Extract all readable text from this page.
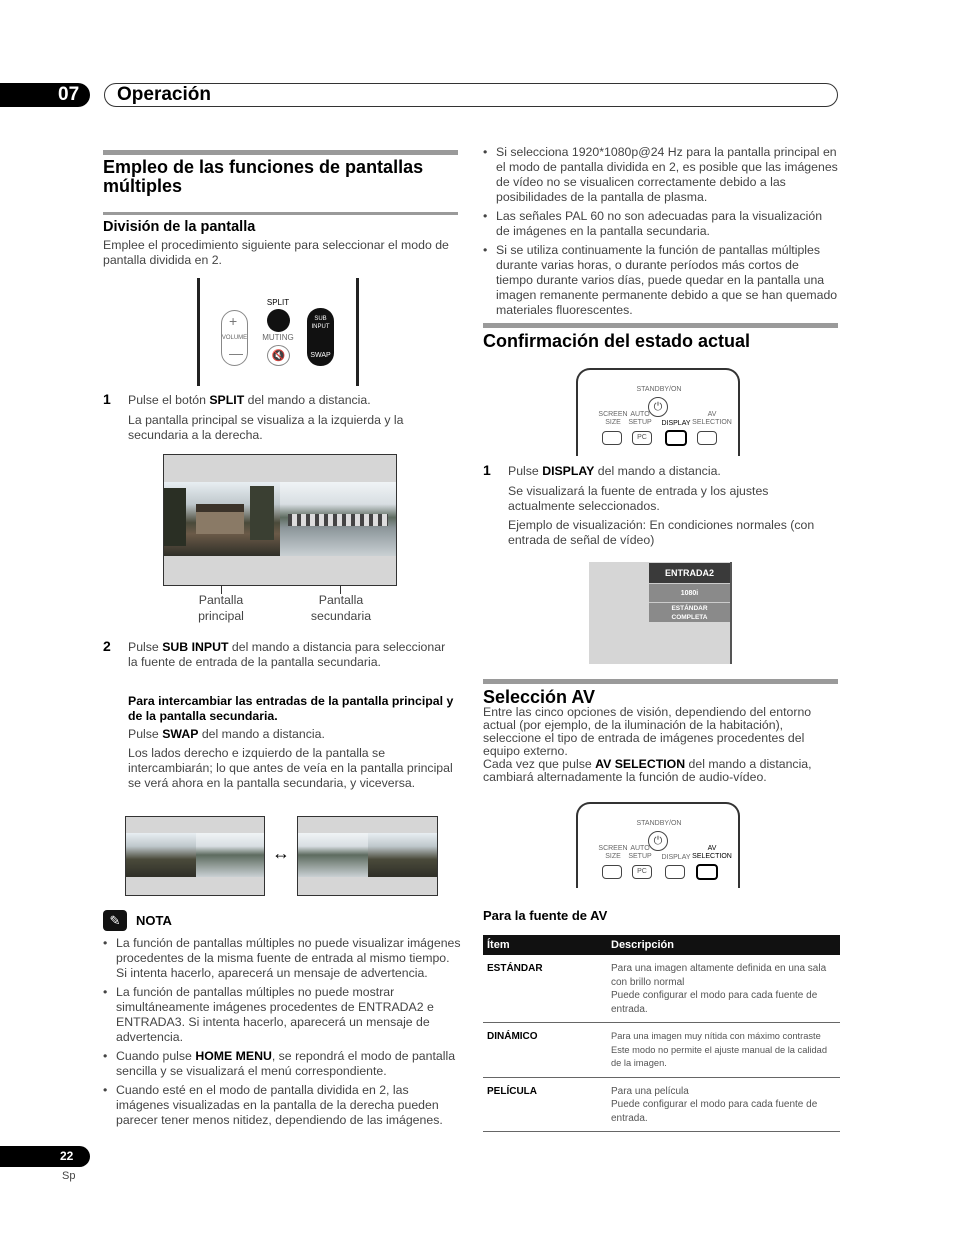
07	Operación
Empleo de las funciones de pantallas múltiples
División de la pantalla
Emplee el procedimiento siguiente para seleccionar el modo de pantalla dividida en 2.
+
—
VOLUME
SPLIT
MUTING
🔇
SUB INPUT
SWAP
1 Pulse el botón SPLIT del mando a distancia.
La pantalla principal se visualiza a la izquierda y la secundaria a la derecha.
Pantalla principal
Pantalla secundaria
2 Pulse SUB INPUT del mando a distancia para seleccionar la fuente de entrada de la pantalla secundaria.
Para intercambiar las entradas de la pantalla principal y de la pantalla secundaria.
Pulse SWAP del mando a distancia.
Los lados derecho e izquierdo de la pantalla se intercambiarán; lo que antes de veía en la pantalla principal se verá ahora en la pantalla secundaria, y viceversa.
↔
✎	NOTA
• La función de pantallas múltiples no puede visualizar imágenes procedentes de la misma fuente de entrada al mismo tiempo. Si intenta hacerlo, aparecerá un mensaje de advertencia.
• La función de pantallas múltiples no puede mostrar simultáneamente imágenes procedentes de ENTRADA2 e ENTRADA3. Si intenta hacerlo, aparecerá un mensaje de advertencia.
• Cuando pulse HOME MENU, se repondrá el modo de pantalla sencilla y se visualizará el menú correspondiente.
• Cuando esté en el modo de pantalla dividida en 2, las imágenes visualizadas en la pantalla de la derecha pueden parecer tener menos nitidez, dependiendo de las imágenes.
• Si selecciona 1920*1080p@24 Hz para la pantalla principal en el modo de pantalla dividida en 2, es posible que las imágenes de vídeo no se visualicen correctamente debido a las posibilidades de la pantalla de plasma.
• Las señales PAL 60 no son adecuadas para la visualización de imágenes en la pantalla secundaria.
• Si se utiliza continuamente la función de pantallas múltiples durante varias horas, o durante períodos más cortos de tiempo durante varios días, puede quedar en la pantalla una imagen remanente permanente debido a que se han quemado materiales fluorescentes.
Confirmación del estado actual
STANDBY/ON
⏻
SCREEN SIZE
AUTO SETUP	DISPLAY
AV SELECTION
PC
1 Pulse DISPLAY del mando a distancia.
Se visualizará la fuente de entrada y los ajustes actualmente seleccionados.
Ejemplo de visualización: En condiciones normales (con entrada de señal de vídeo)
ENTRADA2
1080i
ESTÁNDAR COMPLETA
Selección AV
Entre las cinco opciones de visión, dependiendo del entorno actual (por ejemplo, de la iluminación de la habitación), seleccione el tipo de entrada de imágenes procedentes del equipo externo.
Cada vez que pulse AV SELECTION del mando a distancia, cambiará alternadamente la función de audio-vídeo.
STANDBY/ON
⏻
SCREEN SIZE
AUTO SETUP	DISPLAY
AV SELECTION
PC
Para la fuente de AV
Ítem	Descripción
ESTÁNDAR	Para una imagen altamente definida en una sala con brillo normal
Puede configurar el modo para cada fuente de entrada.

DINÁMICO	Para una imagen muy nítida con máximo contraste
Este modo no permite el ajuste manual de la calidad de la imagen.

PELÍCULA	Para una película
Puede configurar el modo para cada fuente de entrada.
22
Sp
